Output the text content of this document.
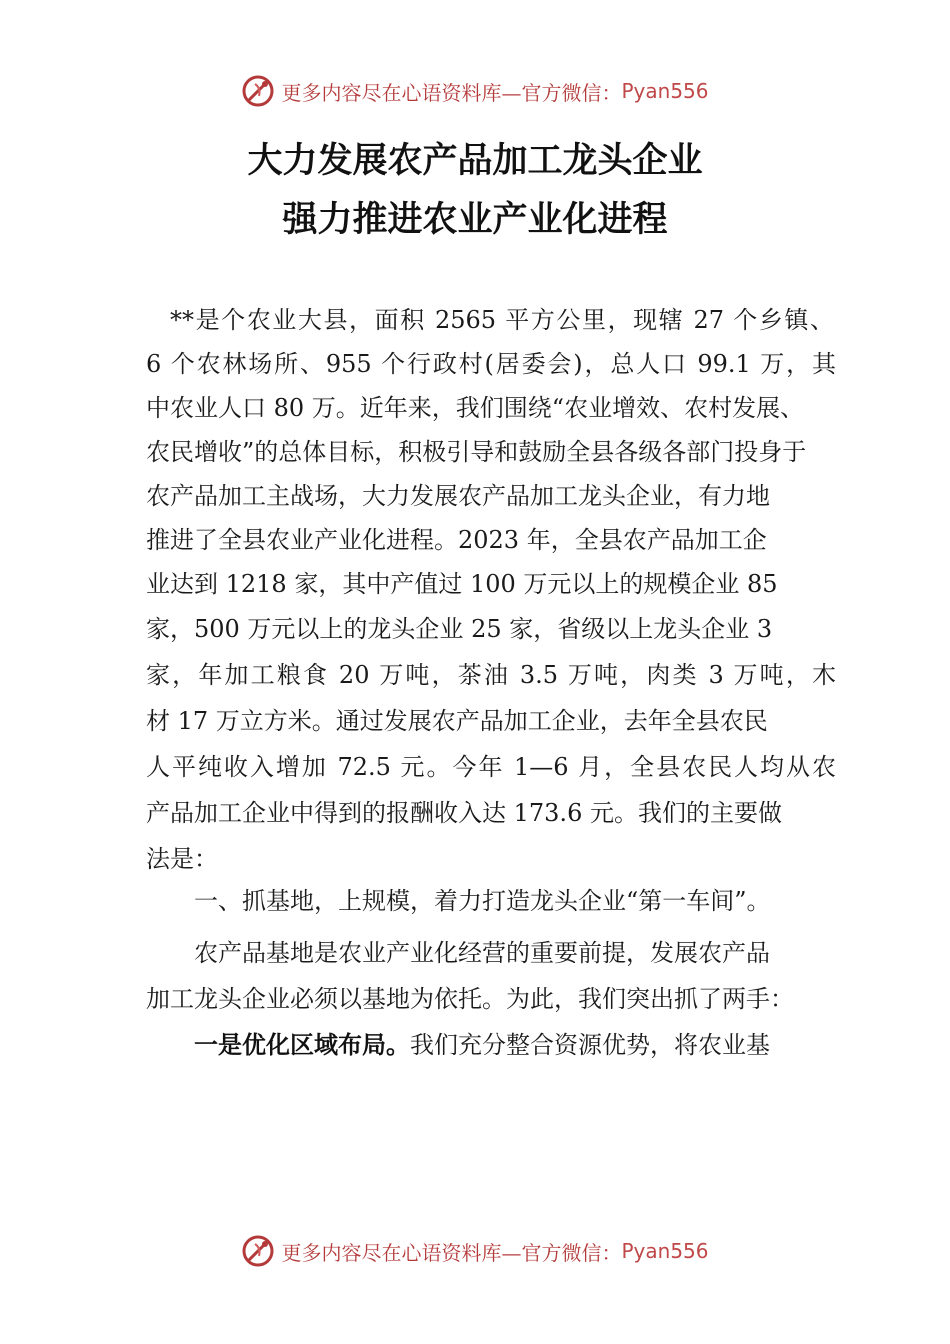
更多内容尽在心语资料库—官方微信： Pyan556
大力发展农产品加工龙头企业
强力推进农业产业化进程
**是个农业大县，面积 2565 平方公里，现辖 27 个乡镇、
6 个农林场所、955 个行政村(居委会)，总人口 99.1 万，其
中农业人口 80 万。近年来，我们围绕“农业增效、农村发展、
农民增收”的总体目标，积极引导和鼓励全县各级各部门投身于
农产品加工主战场，大力发展农产品加工龙头企业，有力地
推进了全县农业产业化进程。2023 年，全县农产品加工企
业达到 1218 家，其中产值过 100 万元以上的规模企业 85
家，500 万元以上的龙头企业 25 家，省级以上龙头企业 3
家，年加工粮食 20 万吨，茶油 3.5 万吨，肉类 3 万吨，木
材 17 万立方米。通过发展农产品加工企业，去年全县农民
人平纯收入增加 72.5 元。今年 1—6 月，全县农民人均从农
产品加工企业中得到的报酬收入达 173.6 元。我们的主要做
法是：
一、抓基地，上规模，着力打造龙头企业“第一车间”。
农产品基地是农业产业化经营的重要前提，发展农产品
加工龙头企业必须以基地为依托。为此，我们突出抓了两手：
一是优化区域布局。我们充分整合资源优势，将农业基
更多内容尽在心语资料库—官方微信： Pyan556
